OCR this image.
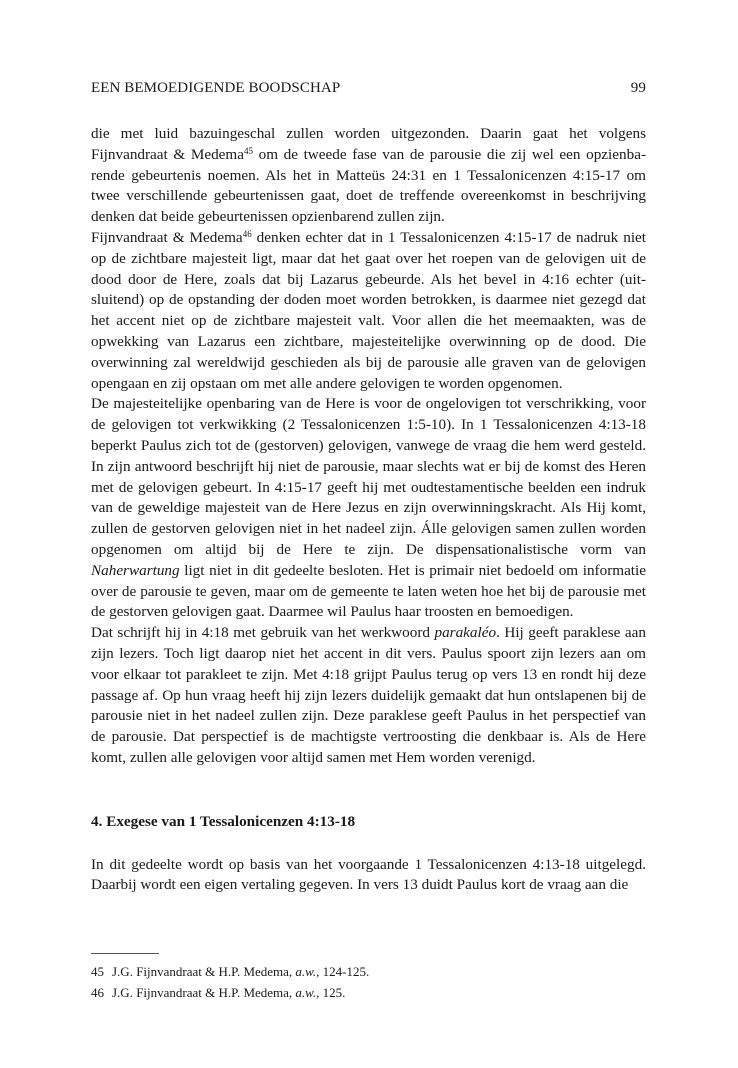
EEN BEMOEDIGENDE BOODSCHAP	99

die met luid bazuingeschal zullen worden uitgezonden. Daarin gaat het volgens Fijnvandraat & Medema$^{45}$ om de tweede fase van de parousie die zij wel een opzienbarende gebeurtenis noemen. Als het in Matteüs 24:31 en 1 Tessalonicenzen 4:15-17 om twee verschillende gebeurtenissen gaat, doet de treffende overeenkomst in beschrijving denken dat beide gebeurtenissen opzienbarend zullen zijn.

Fijnvandraat & Medema$^{46}$ denken echter dat in 1 Tessalonicenzen 4:15-17 de nadruk niet op de zichtbare majesteit ligt, maar dat het gaat over het roepen van de gelovigen uit de dood door de Here, zoals dat bij Lazarus gebeurde. Als het bevel in 4:16 echter (uitsluitend) op de opstanding der doden moet worden betrokken, is daarmee niet gezegd dat het accent niet op de zichtbare majesteit valt. Voor allen die het meemaakten, was de opwekking van Lazarus een zichtbare, majesteitelijke overwinning op de dood. Die overwinning zal wereldwijd geschieden als bij de parousie alle graven van de gelovigen opengaan en zij opstaan om met alle andere gelovigen te worden opgenomen.

De majesteitelijke openbaring van de Here is voor de ongelovigen tot verschrikking, voor de gelovigen tot verkwikking (2 Tessalonicenzen 1:5-10). In 1 Tessalonicenzen 4:13-18 beperkt Paulus zich tot de (gestorven) gelovigen, vanwege de vraag die hem werd gesteld. In zijn antwoord beschrijft hij niet de parousie, maar slechts wat er bij de komst des Heren met de gelovigen gebeurt. In 4:15-17 geeft hij met oudtestamentische beelden een indruk van de geweldige majesteit van de Here Jezus en zijn overwinningskracht. Als Hij komt, zullen de gestorven gelovigen niet in het nadeel zijn. Álle gelovigen samen zullen worden opgenomen om altijd bij de Here te zijn. De dispensationalistische vorm van Naherwartung ligt niet in dit gedeelte besloten. Het is primair niet bedoeld om informatie over de parousie te geven, maar om de gemeente te laten weten hoe het bij de parousie met de gestorven gelovigen gaat. Daarmee wil Paulus haar troosten en bemoedigen.

Dat schrijft hij in 4:18 met gebruik van het werkwoord parakaléo. Hij geeft paraklese aan zijn lezers. Toch ligt daarop niet het accent in dit vers. Paulus spoort zijn lezers aan om voor elkaar tot parakleet te zijn. Met 4:18 grijpt Paulus terug op vers 13 en rondt hij deze passage af. Op hun vraag heeft hij zijn lezers duidelijk gemaakt dat hun ontslapenen bij de parousie niet in het nadeel zullen zijn. Deze paraklese geeft Paulus in het perspectief van de parousie. Dat perspectief is de machtigste vertroosting die denkbaar is. Als de Here komt, zullen alle gelovigen voor altijd samen met Hem worden verenigd.

4. Exegese van 1 Tessalonicenzen 4:13-18

In dit gedeelte wordt op basis van het voorgaande 1 Tessalonicenzen 4:13-18 uitgelegd. Daarbij wordt een eigen vertaling gegeven. In vers 13 duidt Paulus kort de vraag aan die

45 J.G. Fijnvandraat & H.P. Medema, a.w., 124-125.

46 J.G. Fijnvandraat & H.P. Medema, a.w., 125.
